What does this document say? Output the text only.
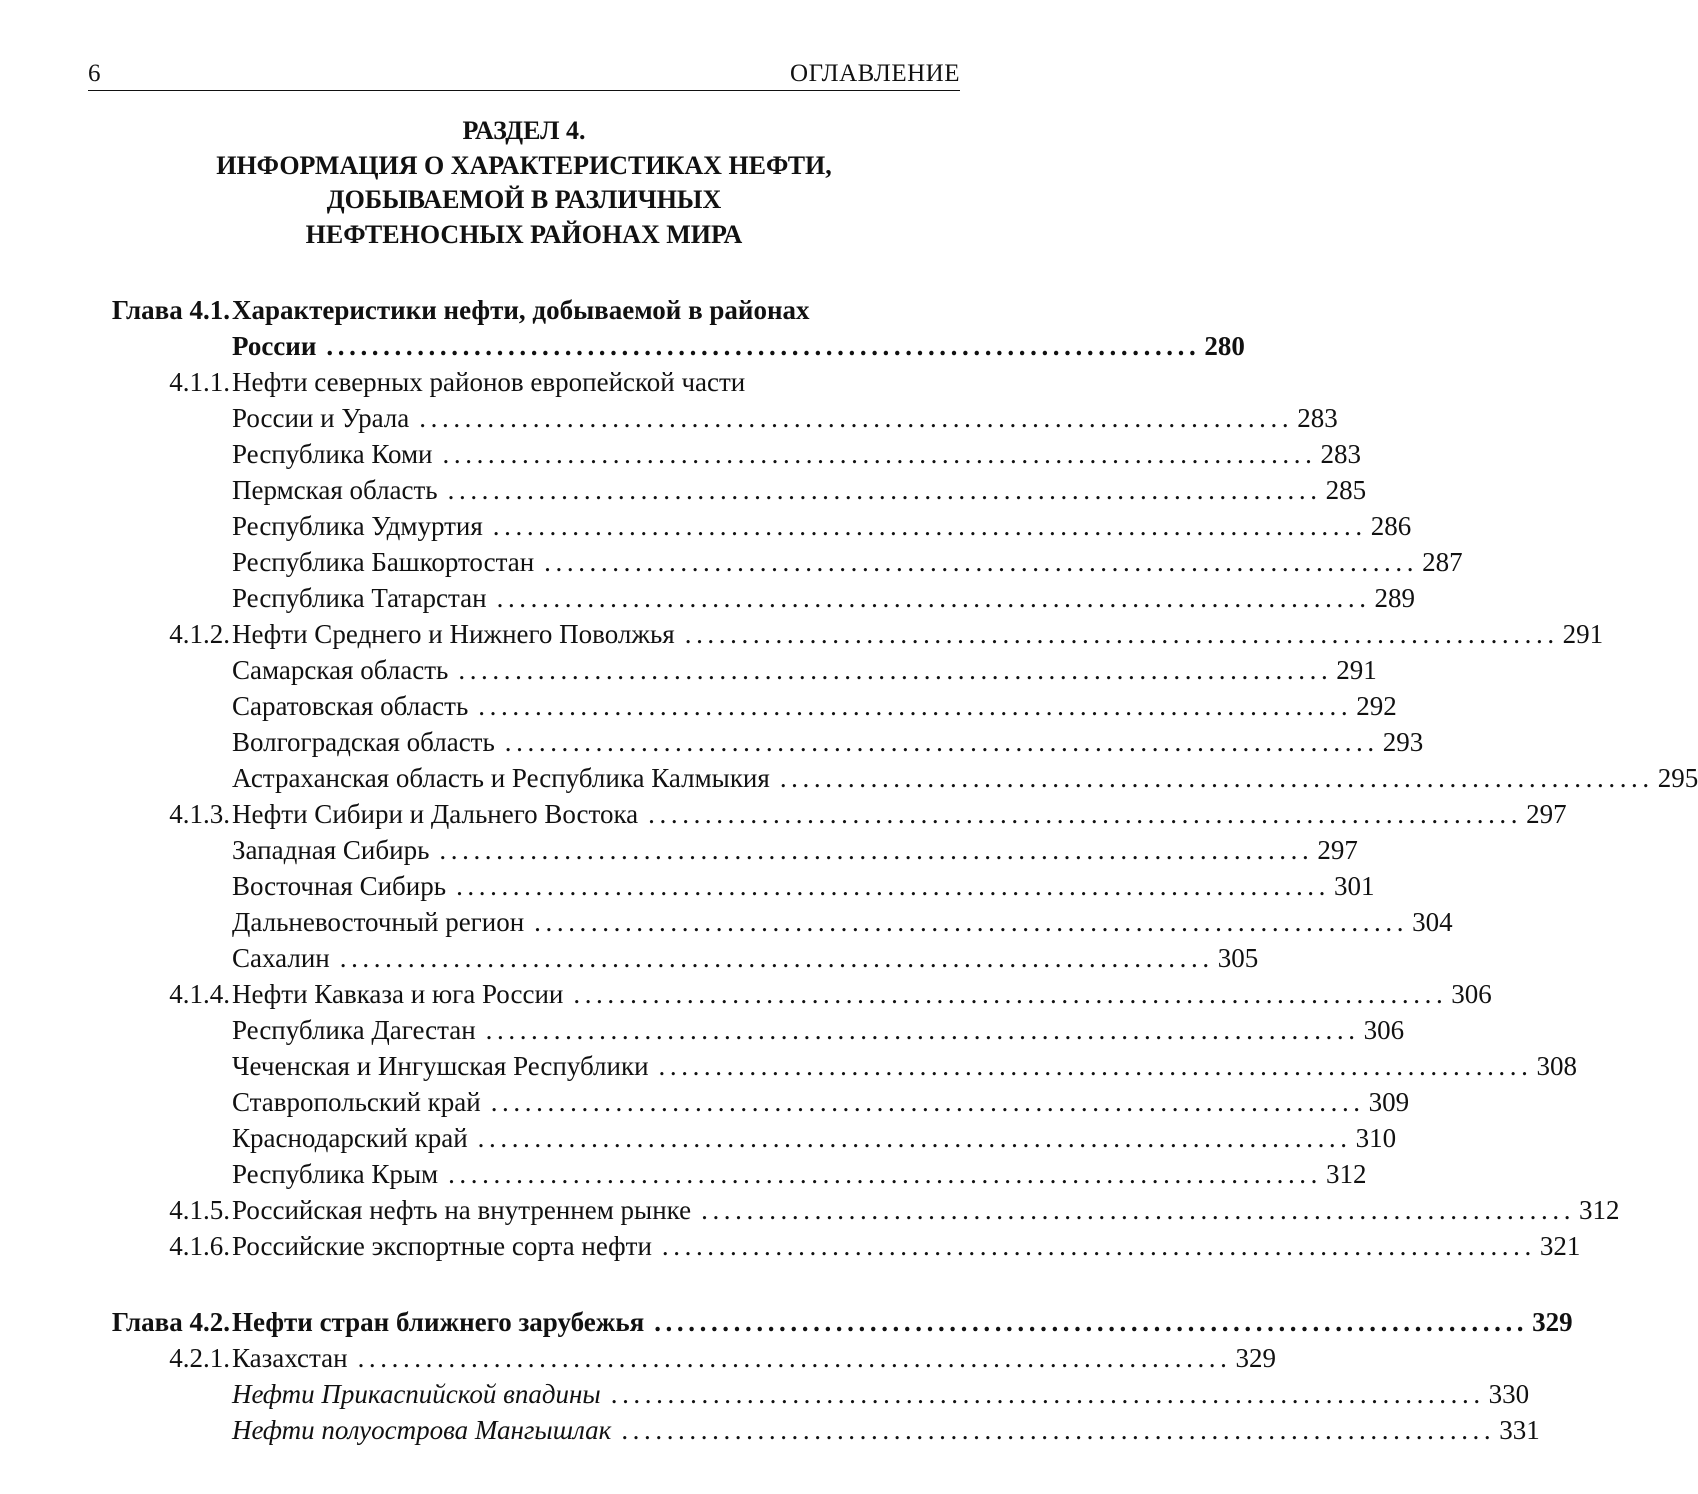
6	ОГЛАВЛЕНИЕ
РАЗДЕЛ 4.
ИНФОРМАЦИЯ О ХАРАКТЕРИСТИКАХ НЕФТИ,
ДОБЫВАЕМОЙ В РАЗЛИЧНЫХ
НЕФТЕНОСНЫХ РАЙОНАХ МИРА
Глава 4.1. Характеристики нефти, добываемой в районах
России ............................................................................. 280
4.1.1. Нефти северных районов европейской части
России и Урала ............................................................................. 283
Республика Коми ............................................................................. 283
Пермская область ............................................................................. 285
Республика Удмуртия ............................................................................. 286
Республика Башкортостан ............................................................................. 287
Республика Татарстан ............................................................................. 289
4.1.2. Нефти Среднего и Нижнего Поволжья ............................................................................. 291
Самарская область ............................................................................. 291
Саратовская область ............................................................................. 292
Волгоградская область ............................................................................. 293
Астраханская область и Республика Калмыкия ............................................................................. 295
4.1.3. Нефти Сибири и Дальнего Востока ............................................................................. 297
Западная Сибирь ............................................................................. 297
Восточная Сибирь ............................................................................. 301
Дальневосточный регион ............................................................................. 304
Сахалин ............................................................................. 305
4.1.4. Нефти Кавказа и юга России ............................................................................. 306
Республика Дагестан ............................................................................. 306
Чеченская и Ингушская Республики ............................................................................. 308
Ставропольский край ............................................................................. 309
Краснодарский край ............................................................................. 310
Республика Крым ............................................................................. 312
4.1.5. Российская нефть на внутреннем рынке ............................................................................. 312
4.1.6. Российские экспортные сорта нефти ............................................................................. 321
Глава 4.2. Нефти стран ближнего зарубежья ............................................................................. 329
4.2.1. Казахстан ............................................................................. 329
Нефти Прикаспийской впадины ............................................................................. 330
Нефти полуострова Мангышлак ............................................................................. 331
